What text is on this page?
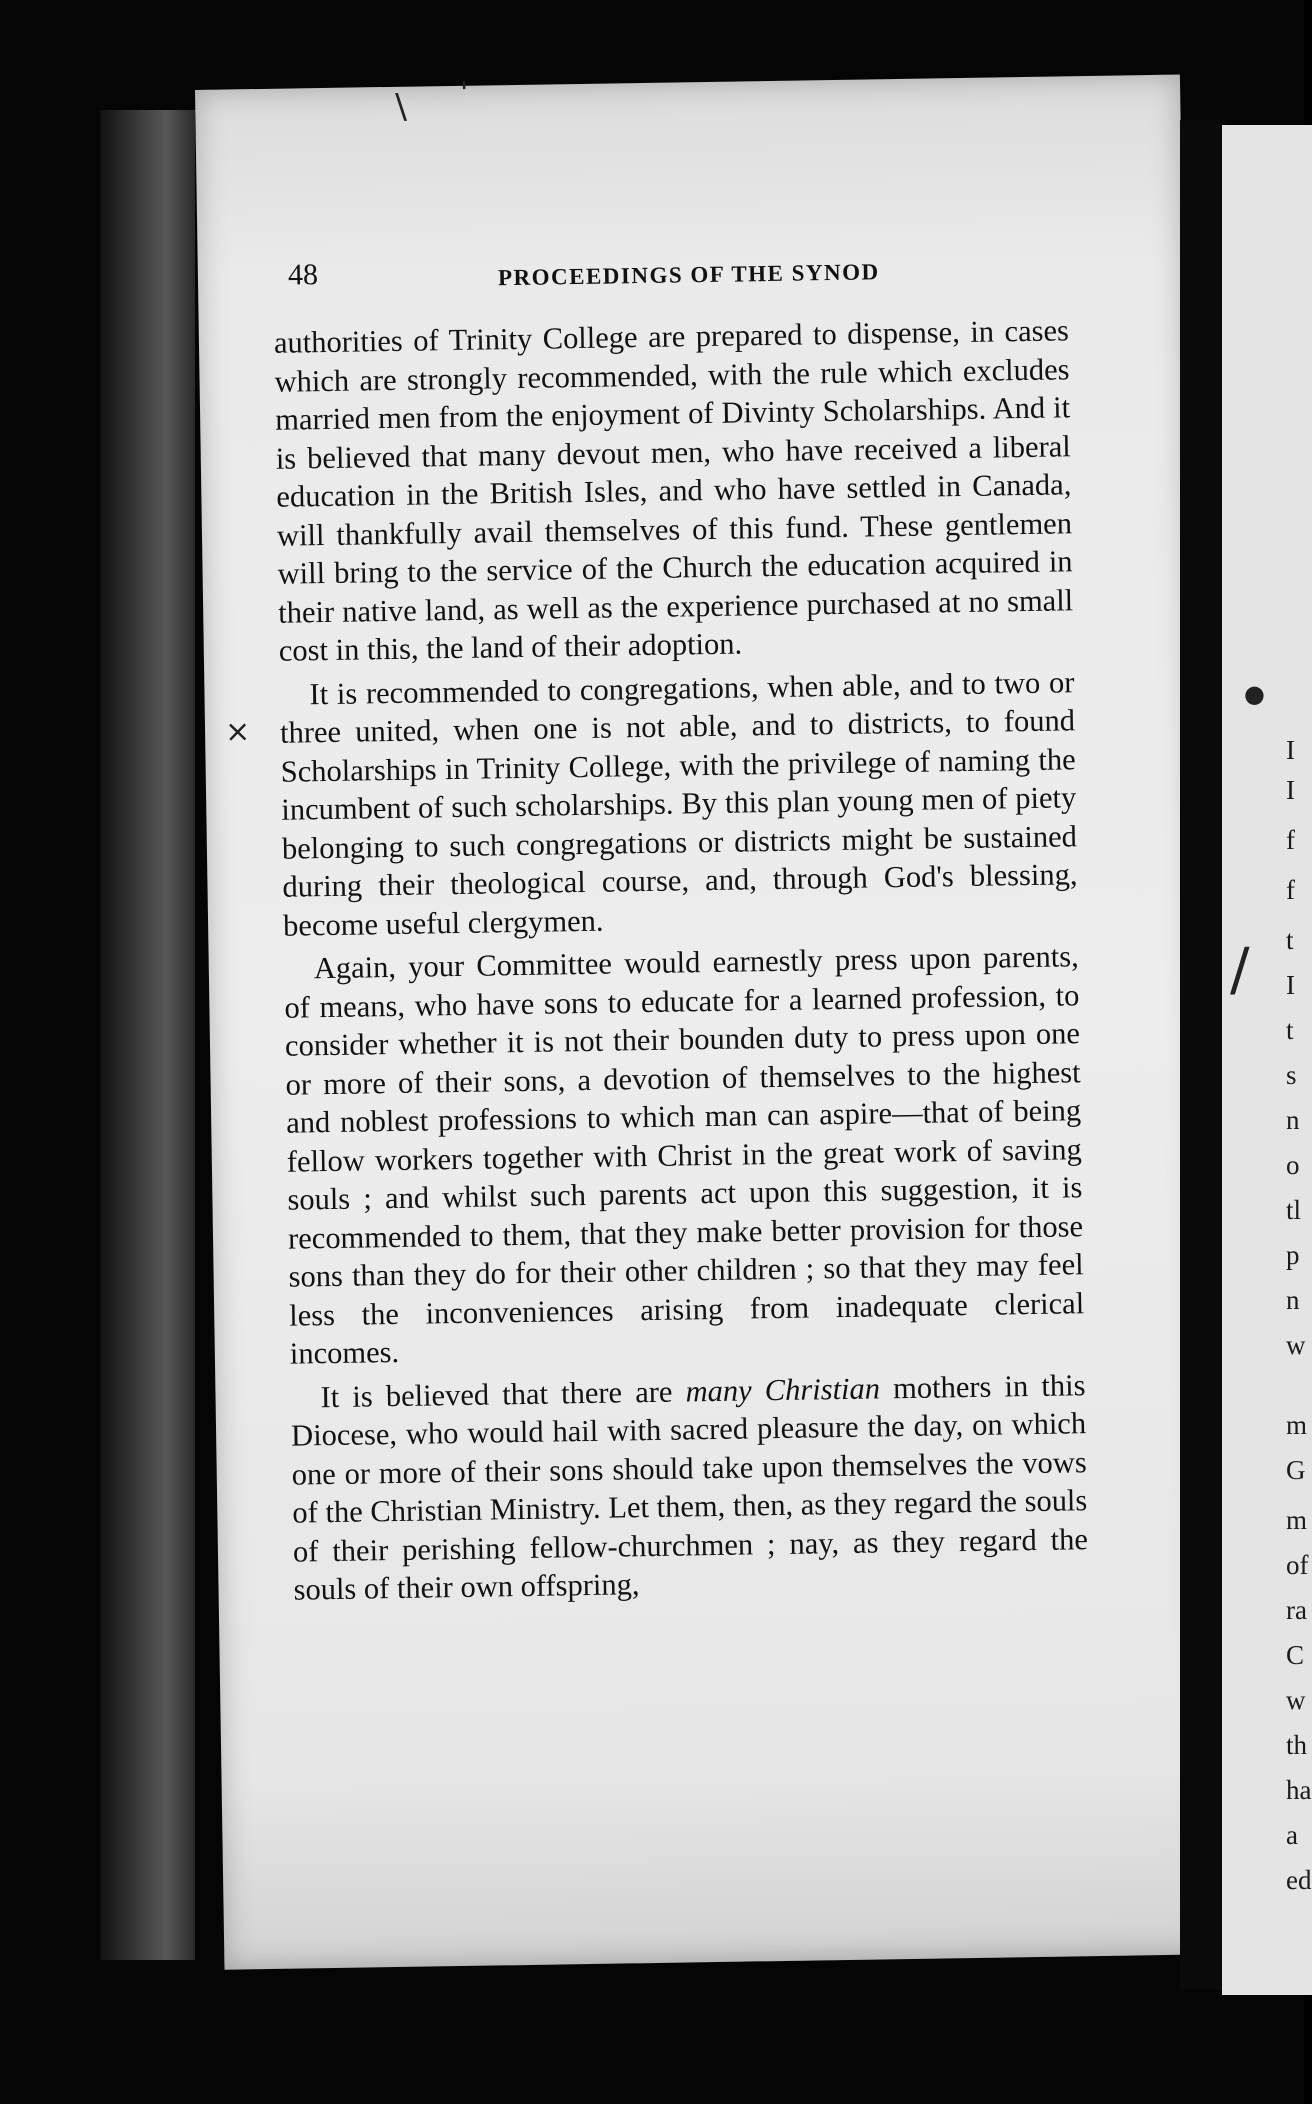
48	PROCEEDINGS OF THE SYNOD

authorities of Trinity College are prepared to dispense, in cases which are strongly recommended, with the rule which excludes married men from the enjoyment of Divinty Scholarships. And it is believed that many devout men, who have received a liberal education in the British Isles, and who have settled in Canada, will thankfully avail themselves of this fund. These gentlemen will bring to the service of the Church the education acquired in their native land, as well as the experience purchased at no small cost in this, the land of their adoption.

It is recommended to congregations, when able, and to two or three united, when one is not able, and to districts, to found Scholarships in Trinity College, with the privilege of naming the incumbent of such scholarships. By this plan young men of piety belonging to such congregations or districts might be sustained during their theological course, and, through God's blessing, become useful clergymen.

Again, your Committee would earnestly press upon parents, of means, who have sons to educate for a learned profession, to consider whether it is not their bounden duty to press upon one or more of their sons, a devotion of themselves to the highest and noblest professions to which man can aspire—that of being fellow workers together with Christ in the great work of saving souls ; and whilst such parents act upon this suggestion, it is recommended to them, that they make better provision for those sons than they do for their other children ; so that they may feel less the inconveniences arising from inadequate clerical incomes.

It is believed that there are many Christian mothers in this Diocese, who would hail with sacred pleasure the day, on which one or more of their sons should take upon themselves the vows of the Christian Ministry. Let them, then, as they regard the souls of their perishing fellow-churchmen ; nay, as they regard the souls of their own offspring,

\ '
×
●
/
I
I
f
f
t
I
t
s
n
o
tl
p
n
w
m
G
m
of
ra
C
w
th
ha
a
ed
